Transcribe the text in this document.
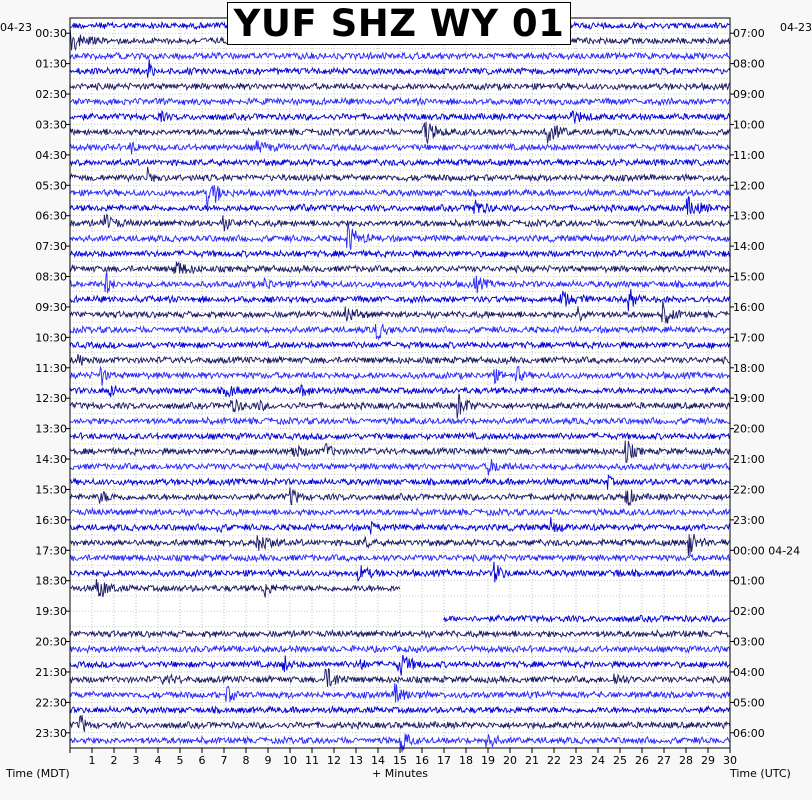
1 2 3 4 5 6 7 8 9 10 11 12 13 14 15 16 17 18 19 20 21 22 23 24 25 26 27 28 29 30
00:30
01:30
02:30
03:30
04:30
05:30
06:30
07:30
08:30
09:30
10:30
11:30
12:30
13:30
14:30
15:30
16:30
17:30
18:30
19:30
20:30
21:30
22:30
23:30
07:00
08:00
09:00
10:00
11:00
12:00
13:00
14:00
15:00
16:00
17:00
18:00
19:00
20:00
21:00
22:00
23:00
00:00 04-24
01:00
02:00
03:00
04:00
05:00
06:00
YUF SHZ WY 01
04-23	04-23
Time (MDT)	+ Minutes	Time (UTC)
